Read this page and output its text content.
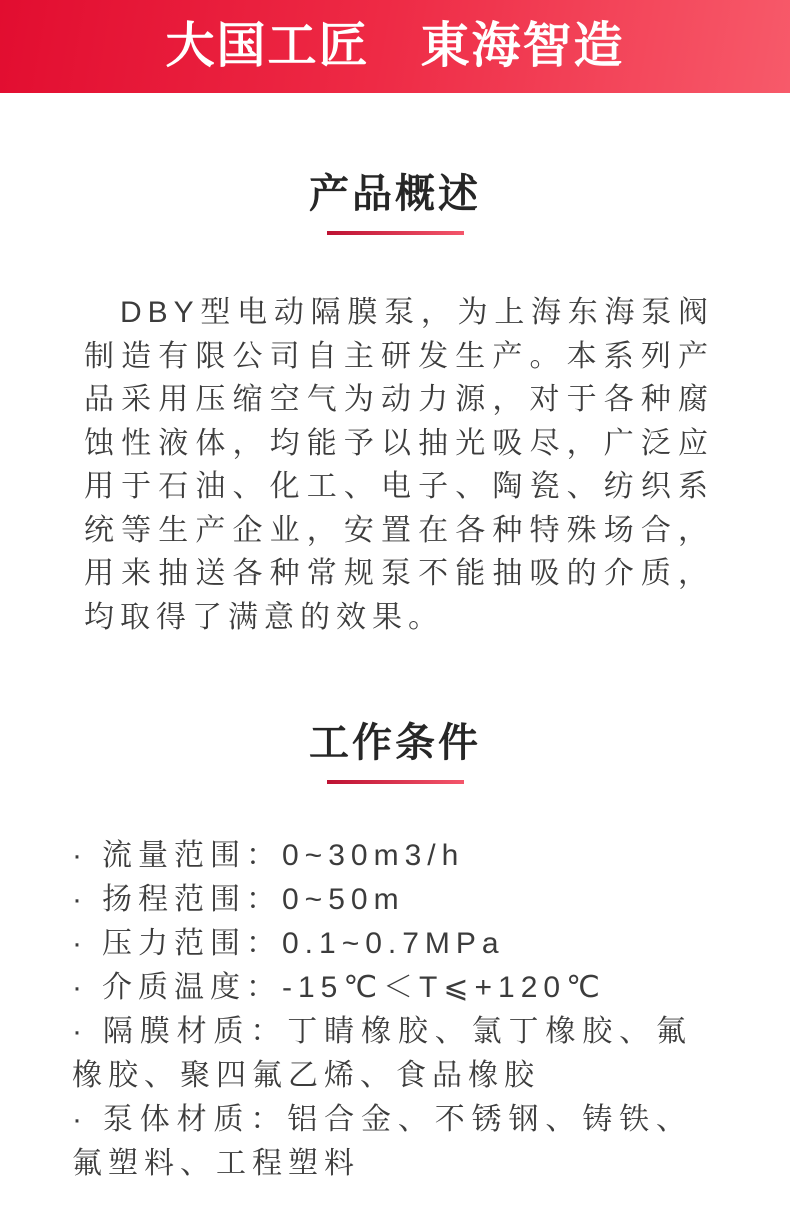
大国工匠　東海智造
产品概述

DBY型电动隔膜泵，为上海东海泵阀制造有限公司自主研发生产。本系列产品采用压缩空气为动力源，对于各种腐蚀性液体，均能予以抽光吸尽，广泛应用于石油、化工、电子、陶瓷、纺织系统等生产企业，安置在各种特殊场合，用来抽送各种常规泵不能抽吸的介质，均取得了满意的效果。

工作条件
· 流量范围：0~30m3/h
· 扬程范围：0~50m
· 压力范围：0.1~0.7MPa
· 介质温度：-15℃＜T⩽+120℃
· 隔膜材质：丁睛橡胶、氯丁橡胶、氟橡胶、聚四氟乙烯、食品橡胶
· 泵体材质：铝合金、不锈钢、铸铁、氟塑料、工程塑料
